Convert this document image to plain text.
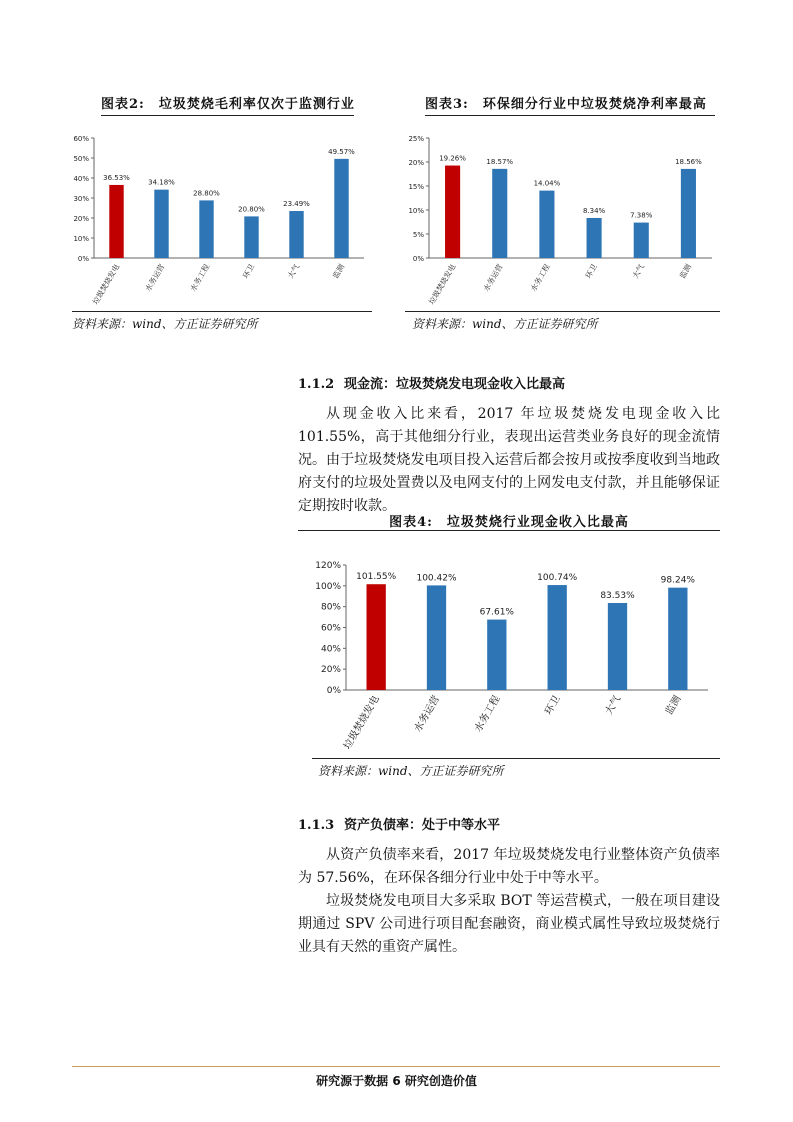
图表2: 垃圾焚烧毛利率仅次于监测行业
0%
10%
20%
30%
40%
50%
60%
36.53%
垃圾焚烧发电
34.18%
水务运营
28.80%
水务工程
20.80%
环卫
23.49%
大气
49.57%
监测
资料来源：wind、方正证券研究所
图表3: 环保细分行业中垃圾焚烧净利率最高
0%
5%
10%
15%
20%
25%
19.26%
垃圾焚烧发电
18.57%
水务运营
14.04%
水务工程
8.34%
环卫
7.38%
大气
18.56%
监测
资料来源：wind、方正证券研究所
1.1.2 现金流：垃圾焚烧发电现金收入比最高

从现金收入比来看，2017 年垃圾焚烧发电现金收入比 101.55%，高于其他细分行业，表现出运营类业务良好的现金流情况。 由于垃圾焚烧发电项目投入运营后都会按月或按季度收到当地政府支付的垃圾处置费以及电网支付的上网发电支付款，并且能够保证定期按时收款。

图表4: 垃圾焚烧行业现金收入比最高
0%
20%
40%
60%
80%
100%
120%
101.55%
垃圾焚烧发电
100.42%
水务运营
67.61%
水务工程
100.74%
环卫
83.53%
大气
98.24%
监测
资料来源：wind、方正证券研究所
1.1.3 资产负债率：处于中等水平

从资产负债率来看，2017 年垃圾焚烧发电行业整体资产负债率为 57.56%，在环保各细分行业中处于中等水平。

垃圾焚烧发电项目大多采取 BOT 等运营模式，一般在项目建设期通过 SPV 公司进行项目配套融资，商业模式属性导致垃圾焚烧行业具有天然的重资产属性。

研究源于数据 6 研究创造价值
